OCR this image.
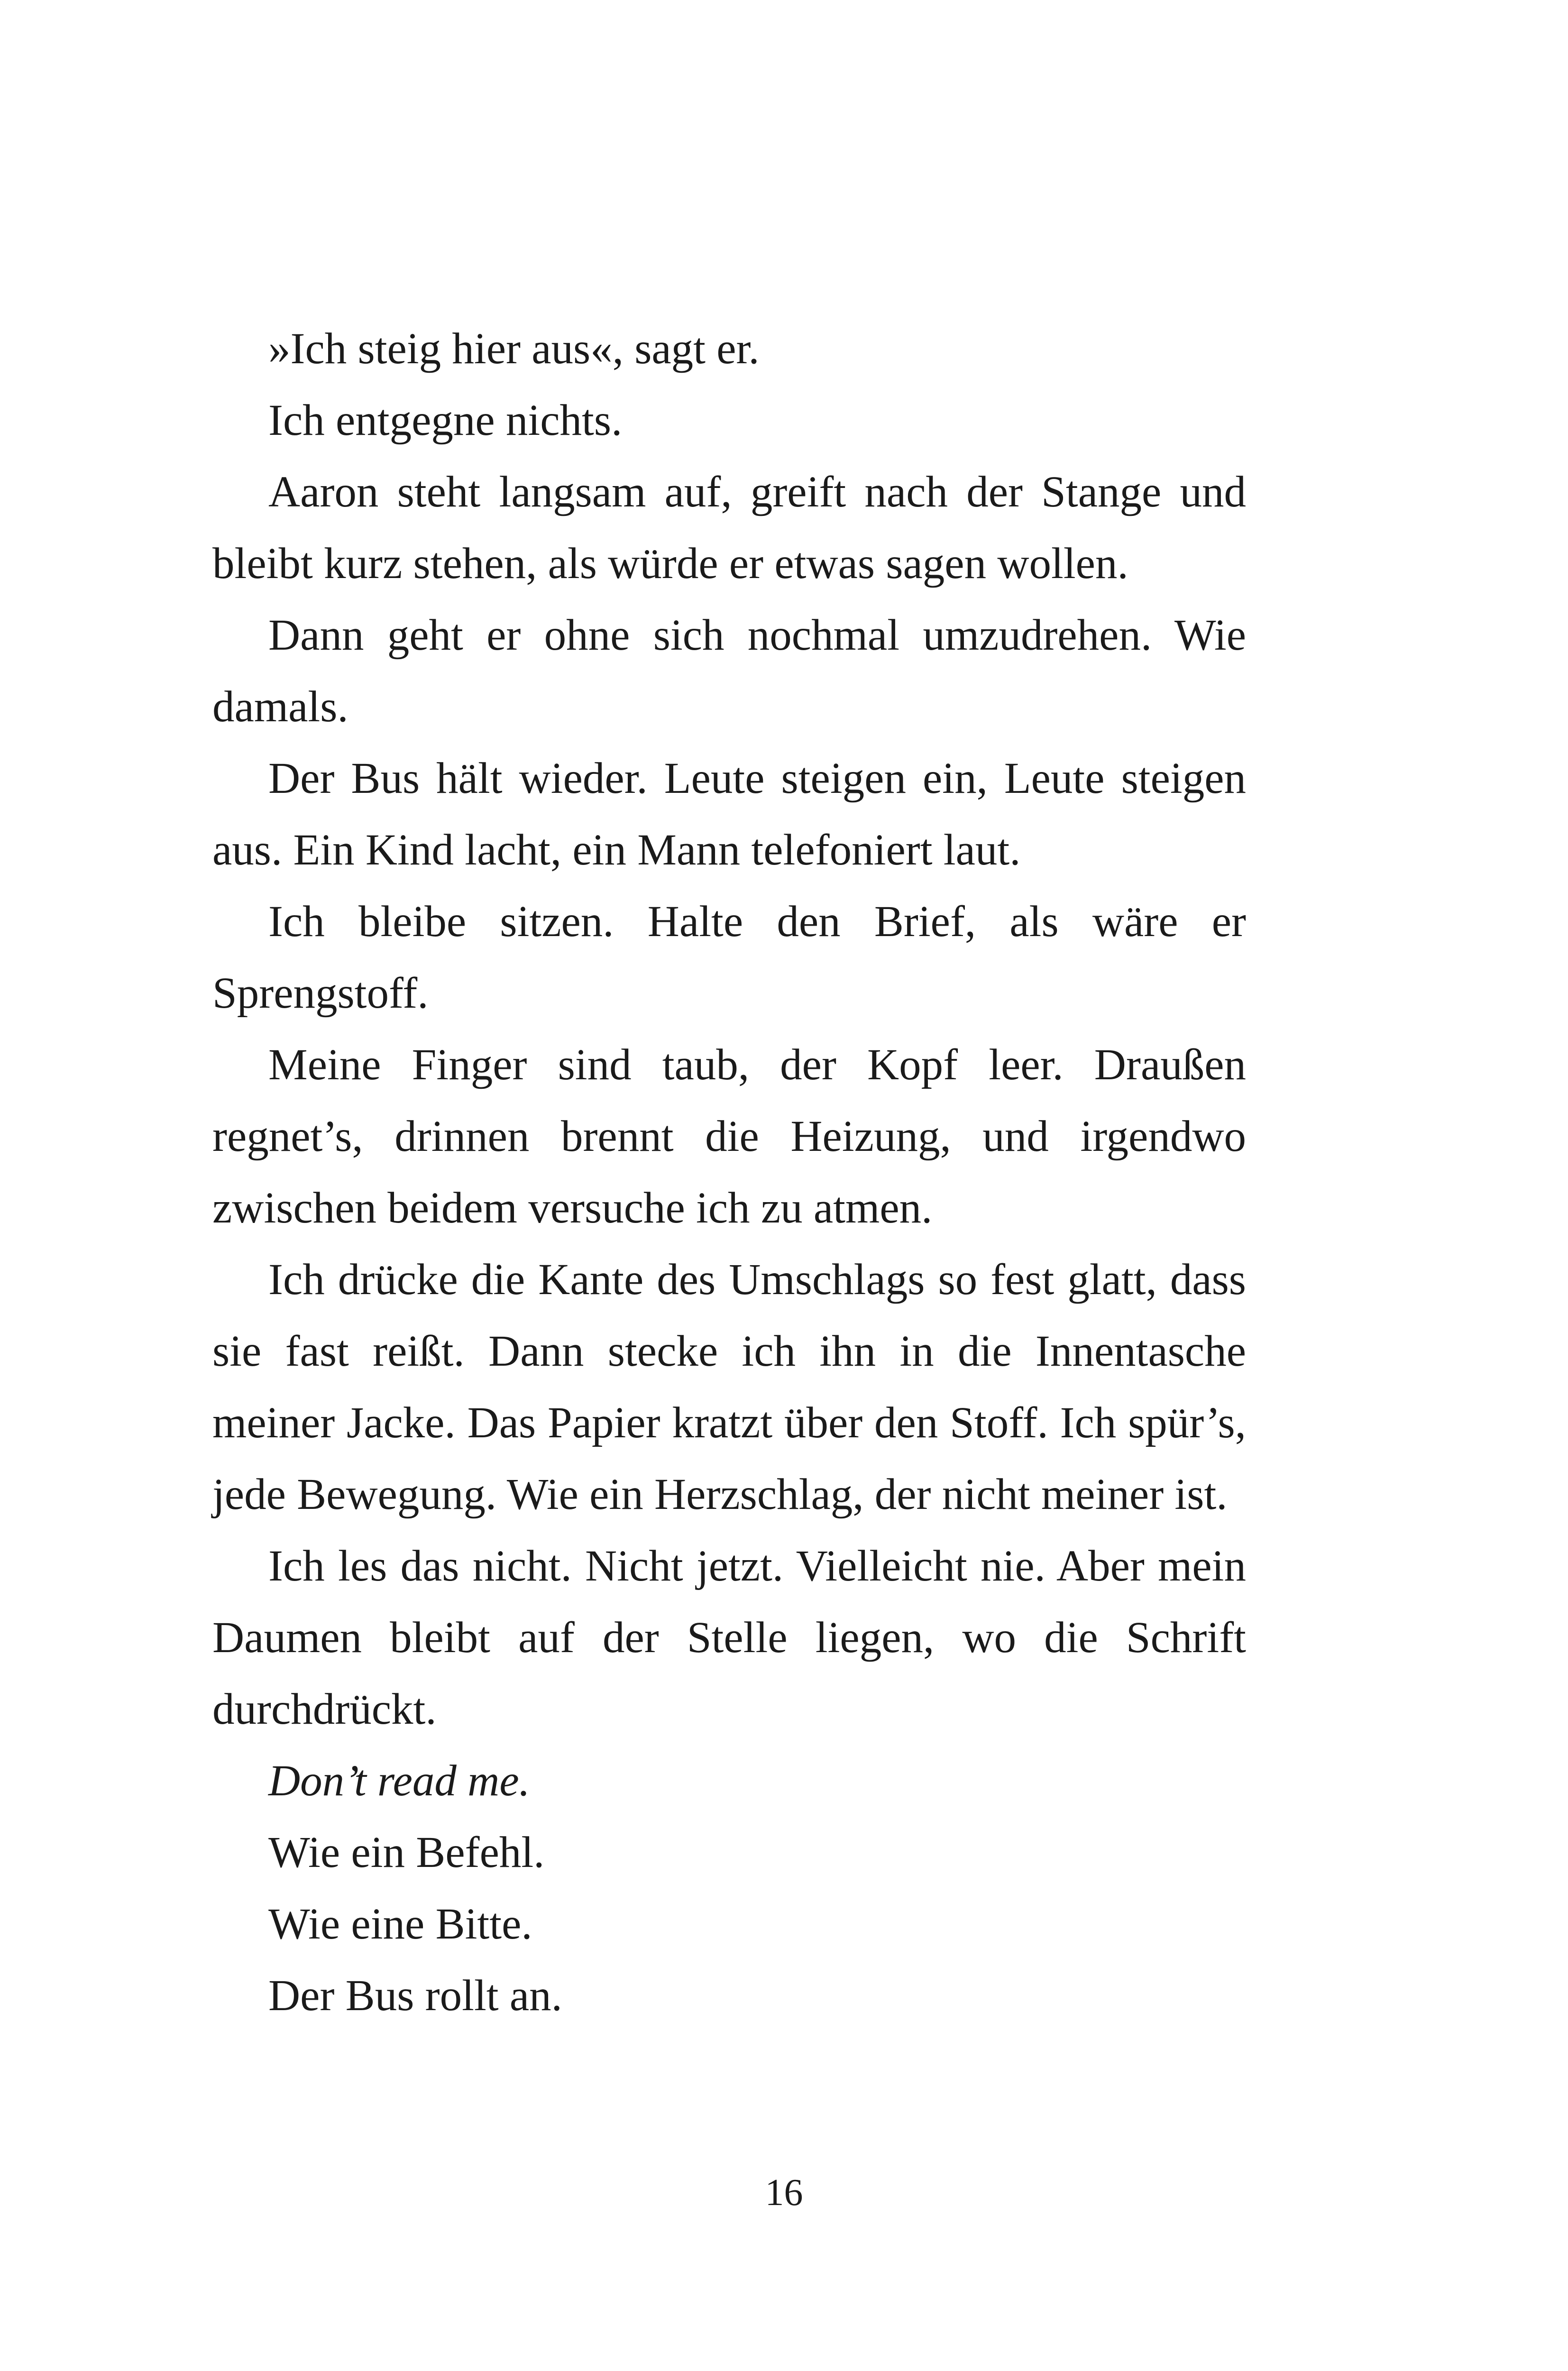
»Ich steig hier aus«, sagt er.

Ich entgegne nichts.

Aaron steht langsam auf, greift nach der Stange und bleibt kurz stehen, als würde er etwas sagen wollen.

Dann geht er ohne sich nochmal umzudrehen. Wie damals.

Der Bus hält wieder. Leute steigen ein, Leute steigen aus. Ein Kind lacht, ein Mann telefoniert laut.

Ich bleibe sitzen. Halte den Brief, als wäre er Sprengstoff.

Meine Finger sind taub, der Kopf leer. Draußen regnet’s, drinnen brennt die Heizung, und irgendwo zwischen beidem versuche ich zu atmen.

Ich drücke die Kante des Umschlags so fest glatt, dass sie fast reißt. Dann stecke ich ihn in die Innentasche meiner Jacke. Das Papier kratzt über den Stoff. Ich spür’s, jede Bewegung. Wie ein Herzschlag, der nicht meiner ist.

Ich les das nicht. Nicht jetzt. Vielleicht nie. Aber mein Daumen bleibt auf der Stelle liegen, wo die Schrift durchdrückt.

Don’t read me.

Wie ein Befehl.

Wie eine Bitte.

Der Bus rollt an.

16
